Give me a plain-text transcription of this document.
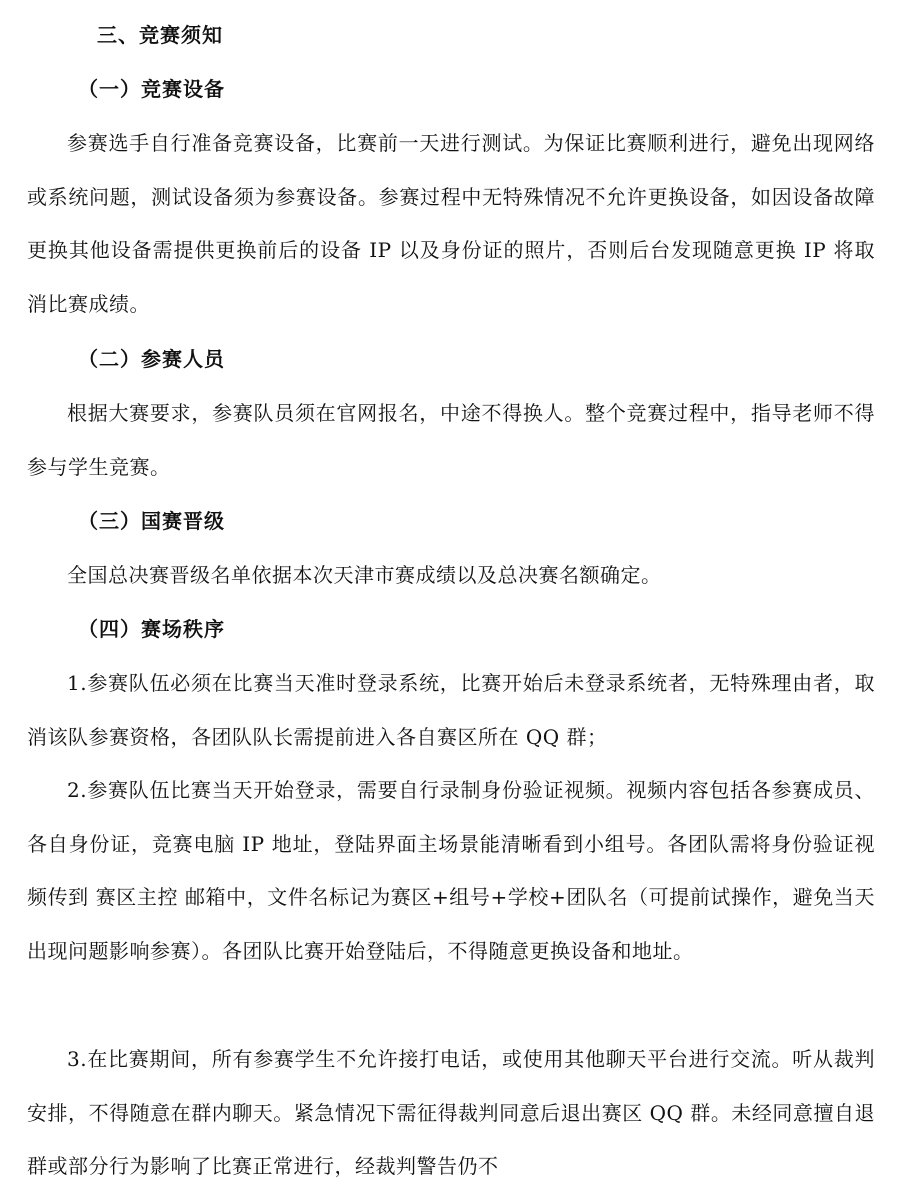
三、竞赛须知
（一）竞赛设备

参赛选手自行准备竞赛设备，比赛前一天进行测试。为保证比赛顺利进行，避免出现网络或系统问题，测试设备须为参赛设备。参赛过程中无特殊情况不允许更换设备，如因设备故障更换其他设备需提供更换前后的设备 IP 以及身份证的照片，否则后台发现随意更换 IP 将取消比赛成绩。

（二）参赛人员

根据大赛要求，参赛队员须在官网报名，中途不得换人。整个竞赛过程中，指导老师不得参与学生竞赛。

（三）国赛晋级

全国总决赛晋级名单依据本次天津市赛成绩以及总决赛名额确定。

（四）赛场秩序

1.参赛队伍必须在比赛当天准时登录系统，比赛开始后未登录系统者，无特殊理由者，取消该队参赛资格，各团队队长需提前进入各自赛区所在 QQ 群；

2.参赛队伍比赛当天开始登录，需要自行录制身份验证视频。视频内容包括各参赛成员、各自身份证，竞赛电脑 IP 地址，登陆界面主场景能清晰看到小组号。各团队需将身份验证视频传到 赛区主控 邮箱中，文件名标记为赛区+组号+学校+团队名（可提前试操作，避免当天出现问题影响参赛）。各团队比赛开始登陆后，不得随意更换设备和地址。

3.在比赛期间，所有参赛学生不允许接打电话，或使用其他聊天平台进行交流。听从裁判安排，不得随意在群内聊天。紧急情况下需征得裁判同意后退出赛区 QQ 群。未经同意擅自退群或部分行为影响了比赛正常进行，经裁判警告仍不
